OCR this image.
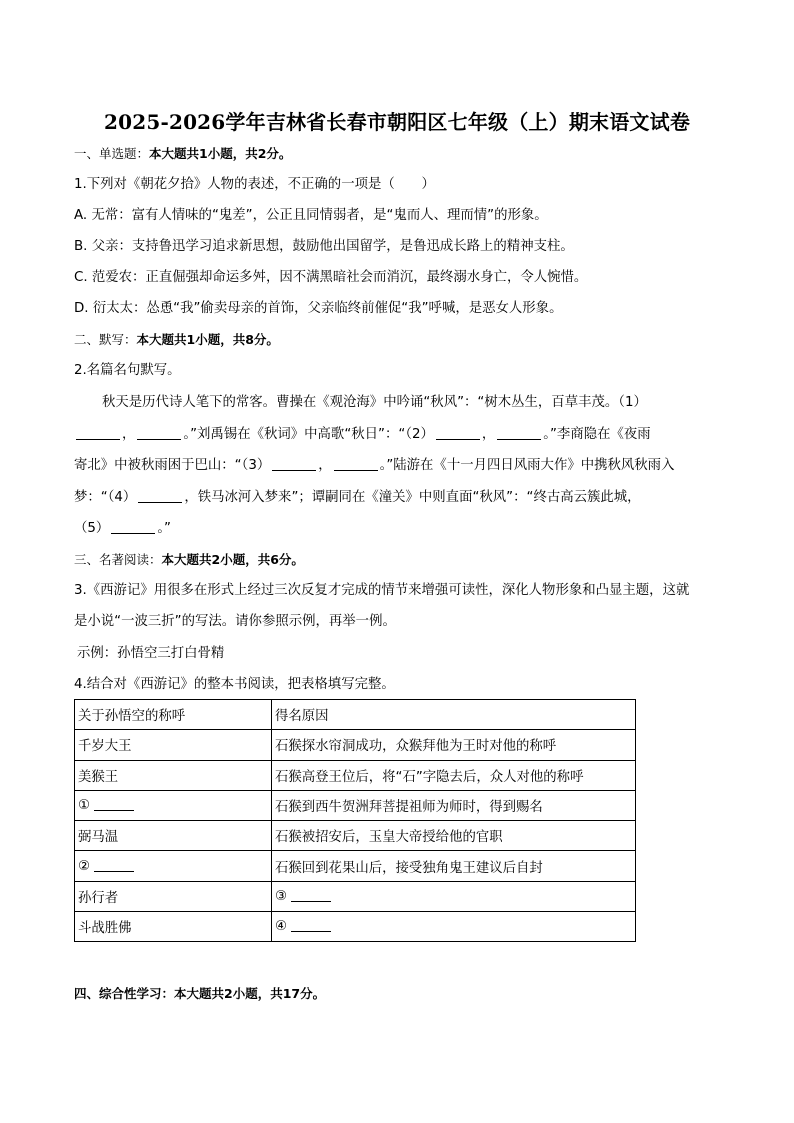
2025-2026学年吉林省长春市朝阳区七年级（上）期末语文试卷
一、单选题：本大题共1小题，共2分。
1.下列对《朝花夕拾》人物的表述，不正确的一项是（　　）
A. 无常：富有人情味的“鬼差”，公正且同情弱者，是“鬼而人、理而情”的形象。
B. 父亲：支持鲁迅学习追求新思想，鼓励他出国留学，是鲁迅成长路上的精神支柱。
C. 范爱农：正直倔强却命运多舛，因不满黑暗社会而消沉，最终溺水身亡，令人惋惜。
D. 衍太太：怂恿“我”偷卖母亲的首饰，父亲临终前催促“我”呼喊，是恶女人形象。
二、默写：本大题共1小题，共8分。
2.名篇名句默写。
秋天是历代诗人笔下的常客。曹操在《观沧海》中吟诵“秋风”：“树木丛生，百草丰茂。（1）
，	。”刘禹锡在《秋词》中高歌“秋日”：“（2）	，	。”李商隐在《夜雨
寄北》中被秋雨困于巴山：“（3）	，	。”陆游在《十一月四日风雨大作》中携秋风秋雨入
梦：“（4）	，铁马冰河入梦来”；谭嗣同在《潼关》中则直面“秋风”：“终古高云簇此城，
（5）	。”
三、名著阅读：本大题共2小题，共6分。
3.《西游记》用很多在形式上经过三次反复才完成的情节来增强可读性，深化人物形象和凸显主题，这就
是小说“一波三折”的写法。请你参照示例，再举一例。
示例：孙悟空三打白骨精
4.结合对《西游记》的整本书阅读，把表格填写完整。
关于孙悟空的称呼	得名原因
千岁大王	石猴探水帘洞成功，众猴拜他为王时对他的称呼
美猴王	石猴高登王位后，将“石”字隐去后，众人对他的称呼
①	石猴到西牛贺洲拜菩提祖师为师时，得到赐名
弼马温	石猴被招安后，玉皇大帝授给他的官职
②	石猴回到花果山后，接受独角鬼王建议后自封
孙行者	③
斗战胜佛	④
四、综合性学习：本大题共2小题，共17分。
